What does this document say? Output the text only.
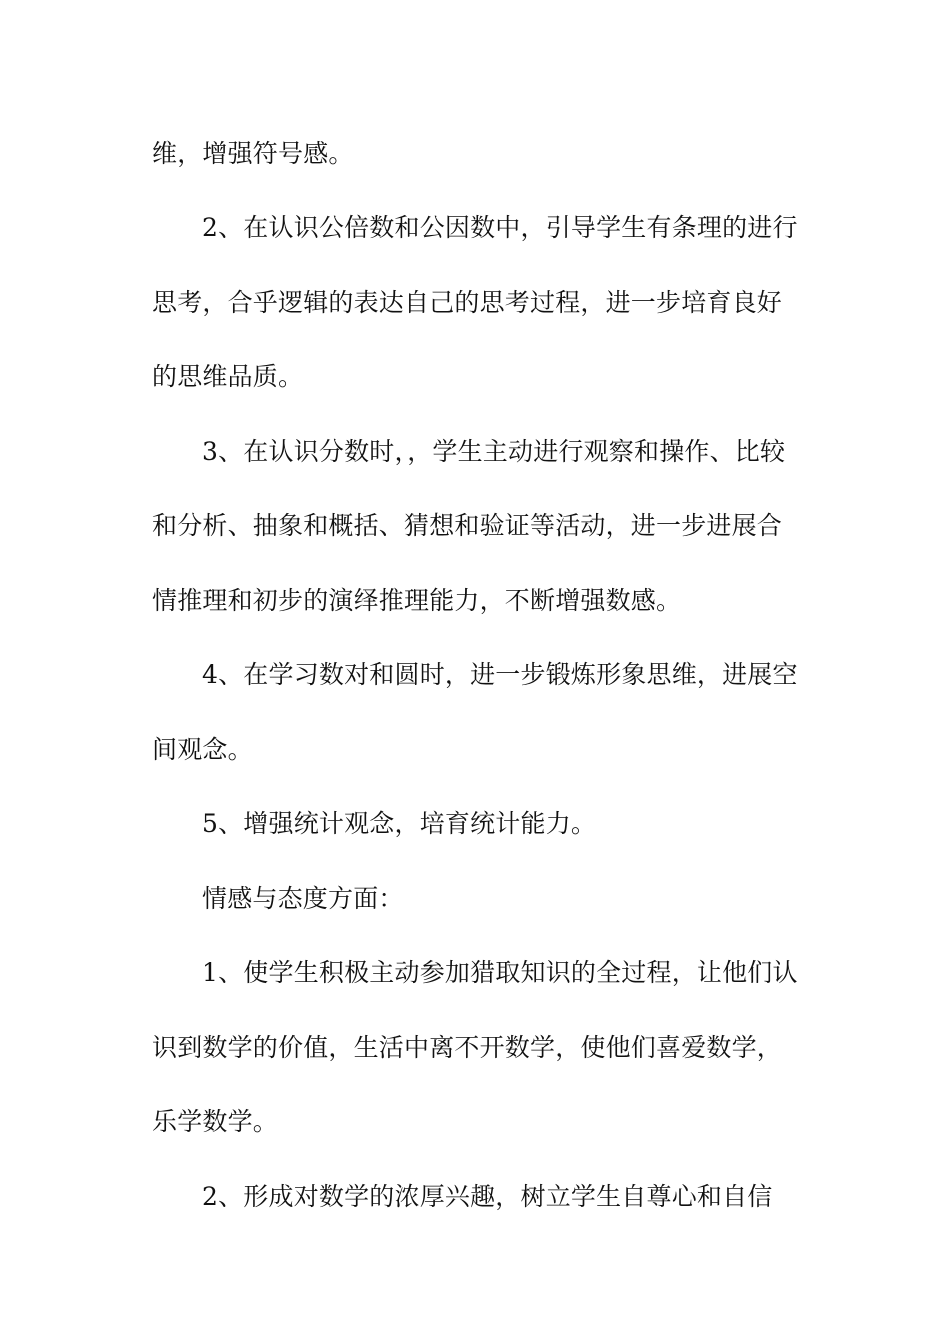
维，增强符号感。

2、在认识公倍数和公因数中，引导学生有条理的进行

思考，合乎逻辑的表达自己的思考过程，进一步培育良好

的思维品质。

3、在认识分数时，，学生主动进行观察和操作、比较

和分析、抽象和概括、猜想和验证等活动，进一步进展合

情推理和初步的演绎推理能力，不断增强数感。

4、在学习数对和圆时，进一步锻炼形象思维，进展空

间观念。

5、增强统计观念，培育统计能力。

情感与态度方面：

1、使学生积极主动参加猎取知识的全过程，让他们认

识到数学的价值，生活中离不开数学，使他们喜爱数学，

乐学数学。

2、形成对数学的浓厚兴趣，树立学生自尊心和自信
